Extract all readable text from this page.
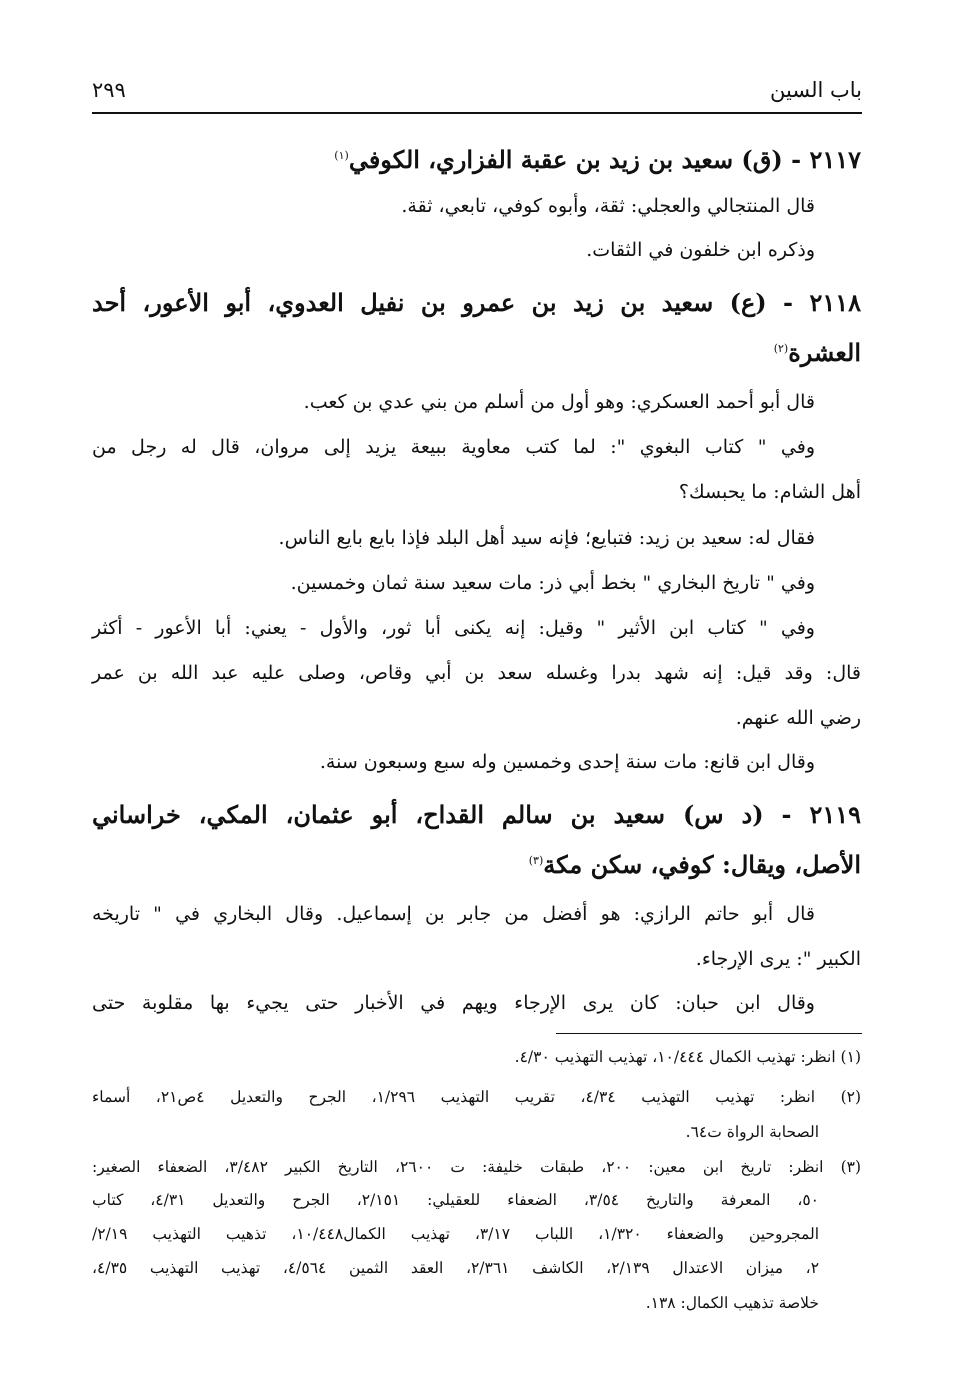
باب السين
٢٩٩
٢١١٧ - (ق) سعيد بن زيد بن عقبة الفزاري، الكوفي$^{(١)}$
قال المنتجالي والعجلي: ثقة، وأبوه كوفي، تابعي، ثقة.
وذكره ابن خلفون في الثقات.
٢١١٨ - (ع) سعيد بن زيد بن عمرو بن نفيل العدوي، أبو الأعور، أحد
العشرة$^{(٢)}$
قال أبو أحمد العسكري: وهو أول من أسلم من بني عدي بن كعب.
وفي " كتاب البغوي ": لما كتب معاوية ببيعة يزيد إلى مروان، قال له رجل من
أهل الشام: ما يحبسك؟
فقال له: سعيد بن زيد: فتبايع؛ فإنه سيد أهل البلد فإذا بايع بايع الناس.
وفي " تاريخ البخاري " بخط أبي ذر: مات سعيد سنة ثمان وخمسين.
وفي " كتاب ابن الأثير " وقيل: إنه يكنى أبا ثور، والأول - يعني: أبا الأعور - أكثر
قال: وقد قيل: إنه شهد بدرا وغسله سعد بن أبي وقاص، وصلى عليه عبد الله بن عمر
رضي الله عنهم.
وقال ابن قانع: مات سنة إحدى وخمسين وله سبع وسبعون سنة.
٢١١٩ - (د س) سعيد بن سالم القداح، أبو عثمان، المكي، خراساني
الأصل، ويقال: كوفي، سكن مكة$^{(٣)}$
قال أبو حاتم الرازي: هو أفضل من جابر بن إسماعيل. وقال البخاري في " تاريخه
الكبير ": يرى الإرجاء.
وقال ابن حبان: كان يرى الإرجاء ويهم في الأخبار حتى يجيء بها مقلوبة حتى
(١) انظر: تهذيب الكمال ١٠/٤٤٤، تهذيب التهذيب ٤/٣٠.
(٢) انظر: تهذيب التهذيب ٤/٣٤، تقريب التهذيب ١/٢٩٦، الجرح والتعديل ٤ص٢١، أسماء
الصحابة الرواة ت٦٤.
(٣) انظر: تاريخ ابن معين: ٢٠٠، طبقات خليفة: ت ٢٦٠٠، التاريخ الكبير ٣/٤٨٢، الضعفاء الصغير:
٥٠، المعرفة والتاريخ ٣/٥٤، الضعفاء للعقيلي: ٢/١٥١، الجرح والتعديل ٤/٣١، كتاب
المجروحين والضعفاء ١/٣٢٠، اللباب ٣/١٧، تهذيب الكمال١٠/٤٤٨، تذهيب التهذيب ٢/١٩/
٢، ميزان الاعتدال ٢/١٣٩، الكاشف ٢/٣٦١، العقد الثمين ٤/٥٦٤، تهذيب التهذيب ٤/٣٥،
خلاصة تذهيب الكمال: ١٣٨.
